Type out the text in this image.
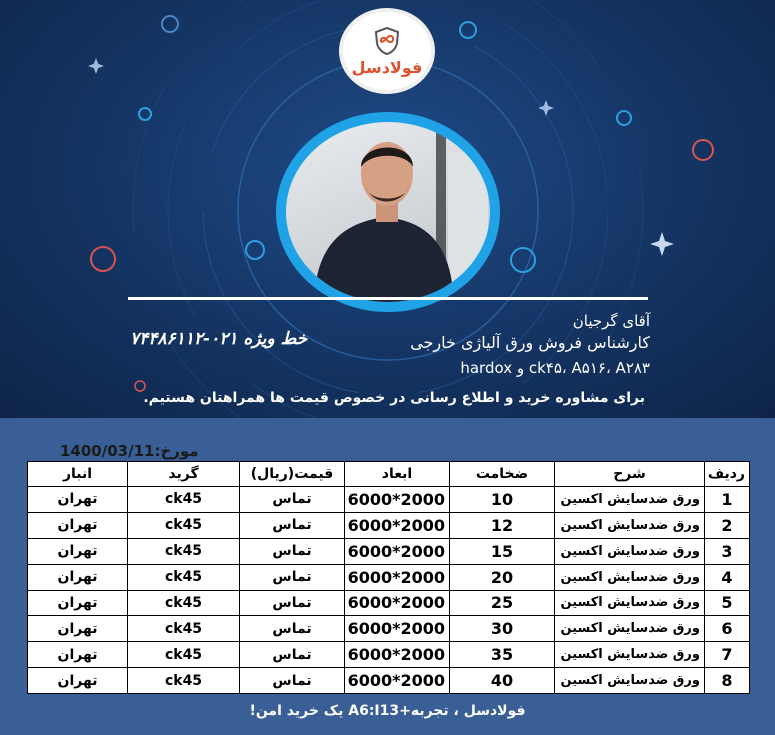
فولادسل
آقای گرجیان
کارشناس فروش ورق آلیاژی خارجی
ck۴۵، A۵۱۶، A۲۸۳ و hardox
خط ویژه ۰۲۱-۷۴۴۸۶۱۱۲
برای مشاوره خرید و اطلاع رسانی در خصوص قیمت ها همراهتان هستیم.
مورخ:1400/03/11
ردیف	شرح	ضخامت	ابعاد	قیمت(ریال)	گرید	انبار
1	ورق ضدسایش اکسین	10	2000*6000	تماس	ck45	تهران
2	ورق ضدسایش اکسین	12	2000*6000	تماس	ck45	تهران
3	ورق ضدسایش اکسین	15	2000*6000	تماس	ck45	تهران
4	ورق ضدسایش اکسین	20	2000*6000	تماس	ck45	تهران
5	ورق ضدسایش اکسین	25	2000*6000	تماس	ck45	تهران
6	ورق ضدسایش اکسین	30	2000*6000	تماس	ck45	تهران
7	ورق ضدسایش اکسین	35	2000*6000	تماس	ck45	تهران
8	ورق ضدسایش اکسین	40	2000*6000	تماس	ck45	تهران
فولادسل ، تجربه+A6:I13 یک خرید امن!
